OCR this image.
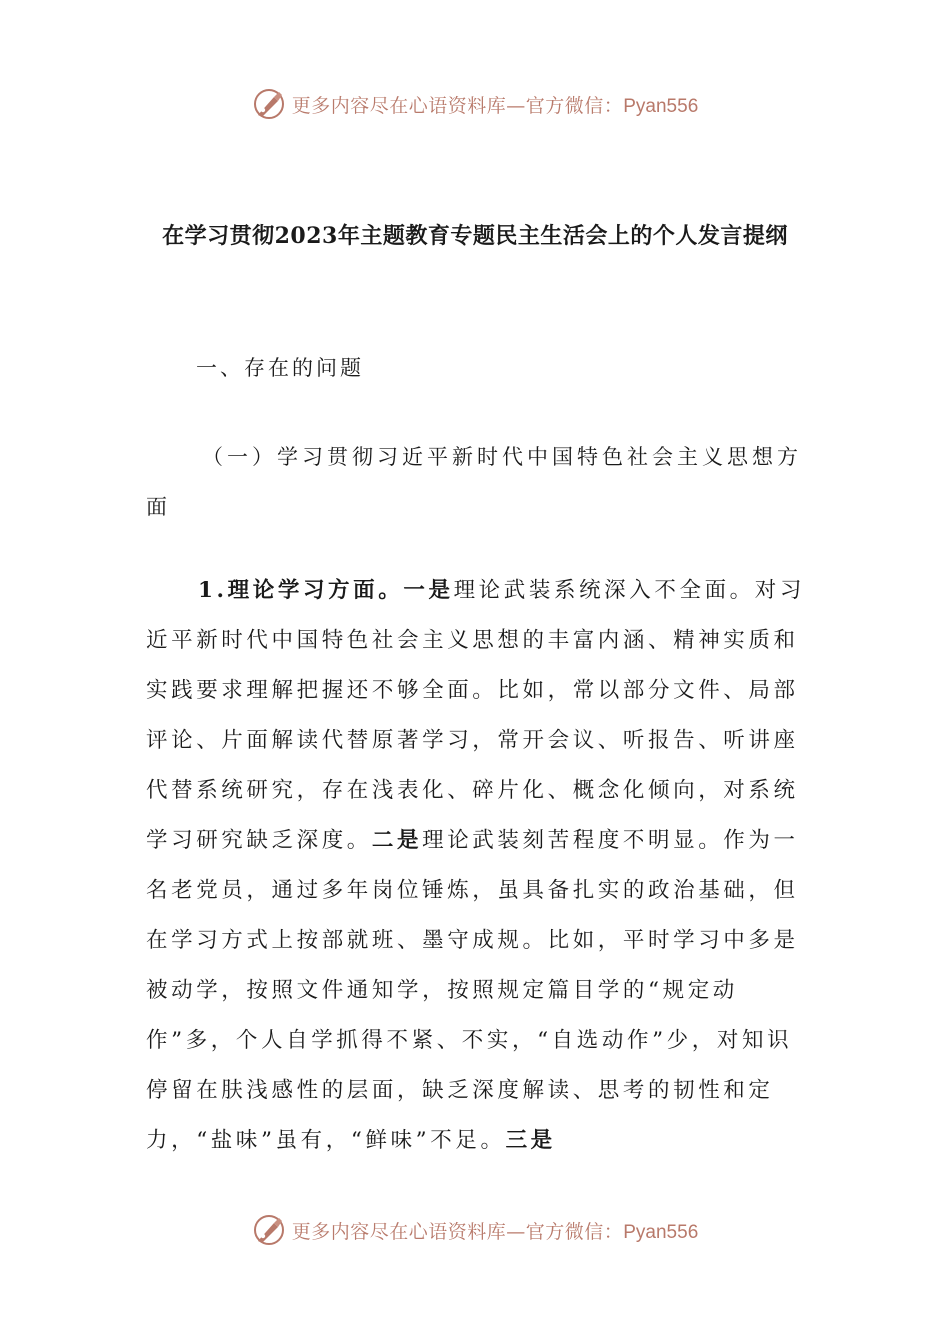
更多内容尽在心语资料库—官方微信：Pyan556
在学习贯彻2023年主题教育专题民主生活会上的个人发言提纲
一、存在的问题
（一）学习贯彻习近平新时代中国特色社会主义思想方面
1.理论学习方面。一是理论武装系统深入不全面。对习近平新时代中国特色社会主义思想的丰富内涵、精神实质和实践要求理解把握还不够全面。比如，常以部分文件、局部评论、片面解读代替原著学习，常开会议、听报告、听讲座代替系统研究，存在浅表化、碎片化、概念化倾向，对系统学习研究缺乏深度。二是理论武装刻苦程度不明显。作为一名老党员，通过多年岗位锤炼，虽具备扎实的政治基础，但在学习方式上按部就班、墨守成规。比如，平时学习中多是被动学，按照文件通知学，按照规定篇目学的“规定动作”多，个人自学抓得不紧、不实，“自选动作”少，对知识停留在肤浅感性的层面，缺乏深度解读、思考的韧性和定力，“盐味”虽有，“鲜味”不足。三是
更多内容尽在心语资料库—官方微信：Pyan556
